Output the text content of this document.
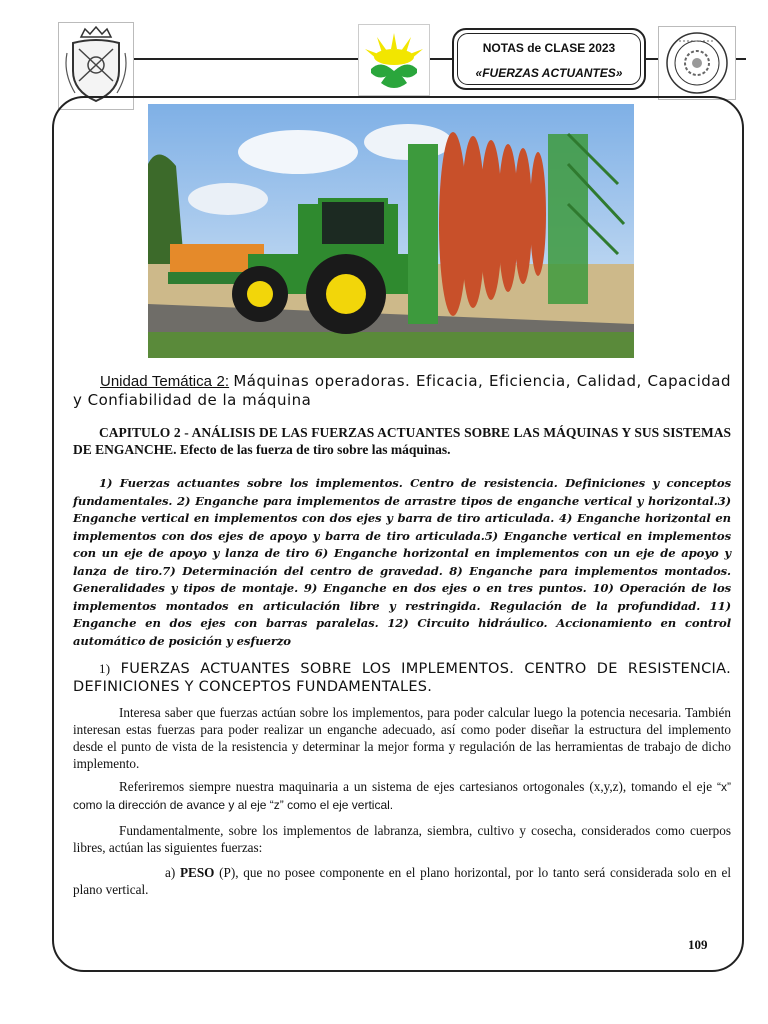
NOTAS de CLASE 2023
«FUERZAS ACTUANTES»
Unidad Temática 2: Máquinas operadoras. Eficacia, Eficiencia, Calidad, Capacidad y Confiabilidad de la máquina
CAPITULO 2 - ANÁLISIS DE LAS FUERZAS ACTUANTES SOBRE LAS MÁQUINAS Y SUS SISTEMAS DE ENGANCHE. Efecto de las fuerza de tiro sobre las máquinas.
1) Fuerzas actuantes sobre los implementos. Centro de resistencia. Definiciones y conceptos fundamentales. 2) Enganche para implementos de arrastre tipos de enganche vertical y horizontal.3) Enganche vertical en implementos con dos ejes y barra de tiro articulada. 4) Enganche horizontal en implementos con dos ejes de apoyo y barra de tiro articulada.5) Enganche vertical en implementos con un eje de apoyo y lanza de tiro 6) Enganche horizontal en implementos con un eje de apoyo y lanza de tiro.7) Determinación del centro de gravedad. 8) Enganche para implementos montados. Generalidades y tipos de montaje. 9) Enganche en dos ejes o en tres puntos. 10) Operación de los implementos montados en articulación libre y restringida. Regulación de la profundidad. 11) Enganche en dos ejes con barras paralelas. 12) Circuito hidráulico. Accionamiento en control automático de posición y esfuerzo
1) FUERZAS ACTUANTES SOBRE LOS IMPLEMENTOS. CENTRO DE RESISTENCIA. DEFINICIONES Y CONCEPTOS FUNDAMENTALES.
Interesa saber que fuerzas actúan sobre los implementos, para poder calcular luego la potencia necesaria. También interesan estas fuerzas para poder realizar un enganche adecuado, así como poder diseñar la estructura del implemento desde el punto de vista de la resistencia y determinar la mejor forma y regulación de las herramientas de trabajo de dicho implemento.
Referiremos siempre nuestra maquinaria a un sistema de ejes cartesianos ortogonales (x,y,z), tomando el eje “x” como la dirección de avance y al eje “z” como el eje vertical.
Fundamentalmente, sobre los implementos de labranza, siembra, cultivo y cosecha, considerados como cuerpos libres, actúan las siguientes fuerzas:
a) PESO (P), que no posee componente en el plano horizontal, por lo tanto será considerada solo en el plano vertical.
109
